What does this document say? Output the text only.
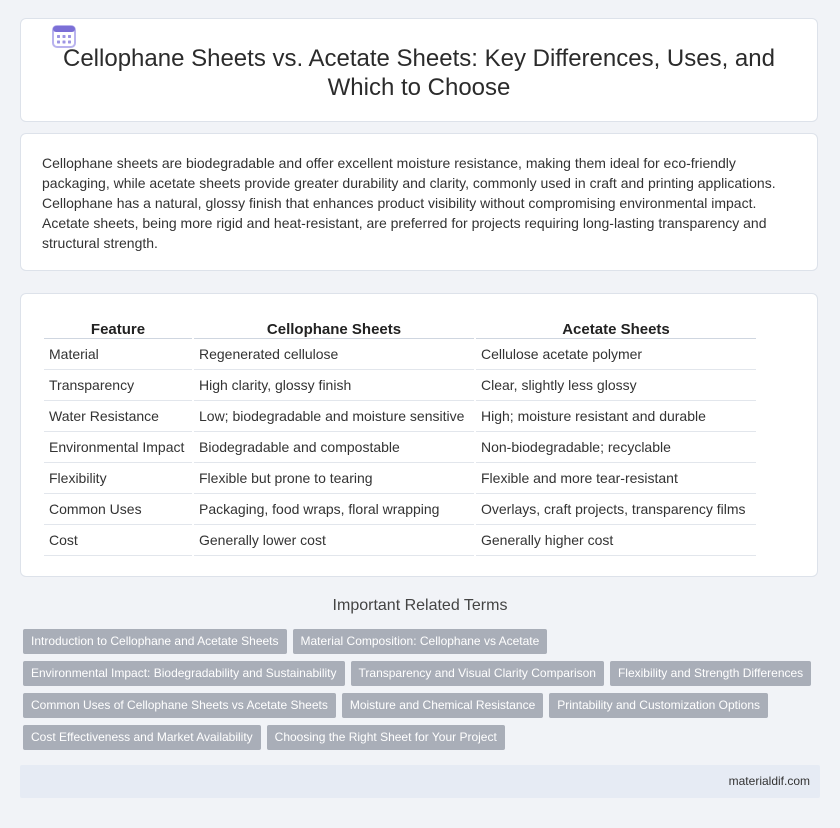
Cellophane Sheets vs. Acetate Sheets: Key Differences, Uses, and Which to Choose

Cellophane sheets are biodegradable and offer excellent moisture resistance, making them ideal for eco-friendly packaging, while acetate sheets provide greater durability and clarity, commonly used in craft and printing applications. Cellophane has a natural, glossy finish that enhances product visibility without compromising environmental impact. Acetate sheets, being more rigid and heat-resistant, are preferred for projects requiring long-lasting transparency and structural strength.

Feature	Cellophane Sheets	Acetate Sheets
Material	Regenerated cellulose	Cellulose acetate polymer
Transparency	High clarity, glossy finish	Clear, slightly less glossy
Water Resistance	Low; biodegradable and moisture sensitive	High; moisture resistant and durable
Environmental Impact	Biodegradable and compostable	Non-biodegradable; recyclable
Flexibility	Flexible but prone to tearing	Flexible and more tear-resistant
Common Uses	Packaging, food wraps, floral wrapping	Overlays, craft projects, transparency films
Cost	Generally lower cost	Generally higher cost
Important Related Terms
Introduction to Cellophane and Acetate Sheets	Material Composition: Cellophane vs Acetate
Environmental Impact: Biodegradability and Sustainability	Transparency and Visual Clarity Comparison	Flexibility and Strength Differences
Common Uses of Cellophane Sheets vs Acetate Sheets	Moisture and Chemical Resistance	Printability and Customization Options
Cost Effectiveness and Market Availability	Choosing the Right Sheet for Your Project
materialdif.com
